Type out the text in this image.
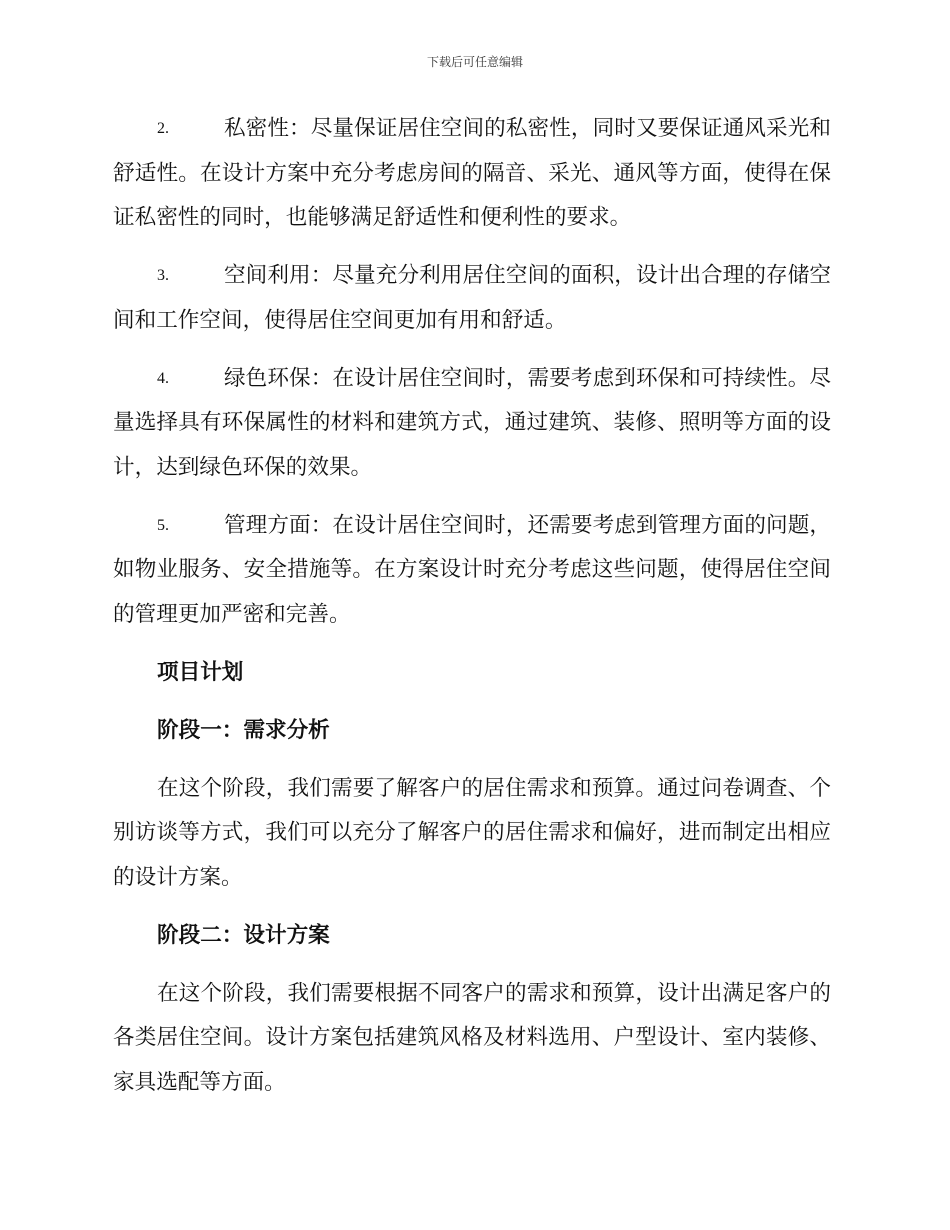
下载后可任意编辑
2.	私密性：尽量保证居住空间的私密性，同时又要保证通风采光和
舒适性。在设计方案中充分考虑房间的隔音、采光、通风等方面，使得在保
证私密性的同时，也能够满足舒适性和便利性的要求。
3.	空间利用：尽量充分利用居住空间的面积，设计出合理的存储空
间和工作空间，使得居住空间更加有用和舒适。
4.	绿色环保：在设计居住空间时，需要考虑到环保和可持续性。尽
量选择具有环保属性的材料和建筑方式，通过建筑、装修、照明等方面的设
计，达到绿色环保的效果。
5.	管理方面：在设计居住空间时，还需要考虑到管理方面的问题，
如物业服务、安全措施等。在方案设计时充分考虑这些问题，使得居住空间
的管理更加严密和完善。
项目计划
阶段一：需求分析
在这个阶段，我们需要了解客户的居住需求和预算。通过问卷调查、个
别访谈等方式，我们可以充分了解客户的居住需求和偏好，进而制定出相应
的设计方案。
阶段二：设计方案
在这个阶段，我们需要根据不同客户的需求和预算，设计出满足客户的
各类居住空间。设计方案包括建筑风格及材料选用、户型设计、室内装修、
家具选配等方面。
